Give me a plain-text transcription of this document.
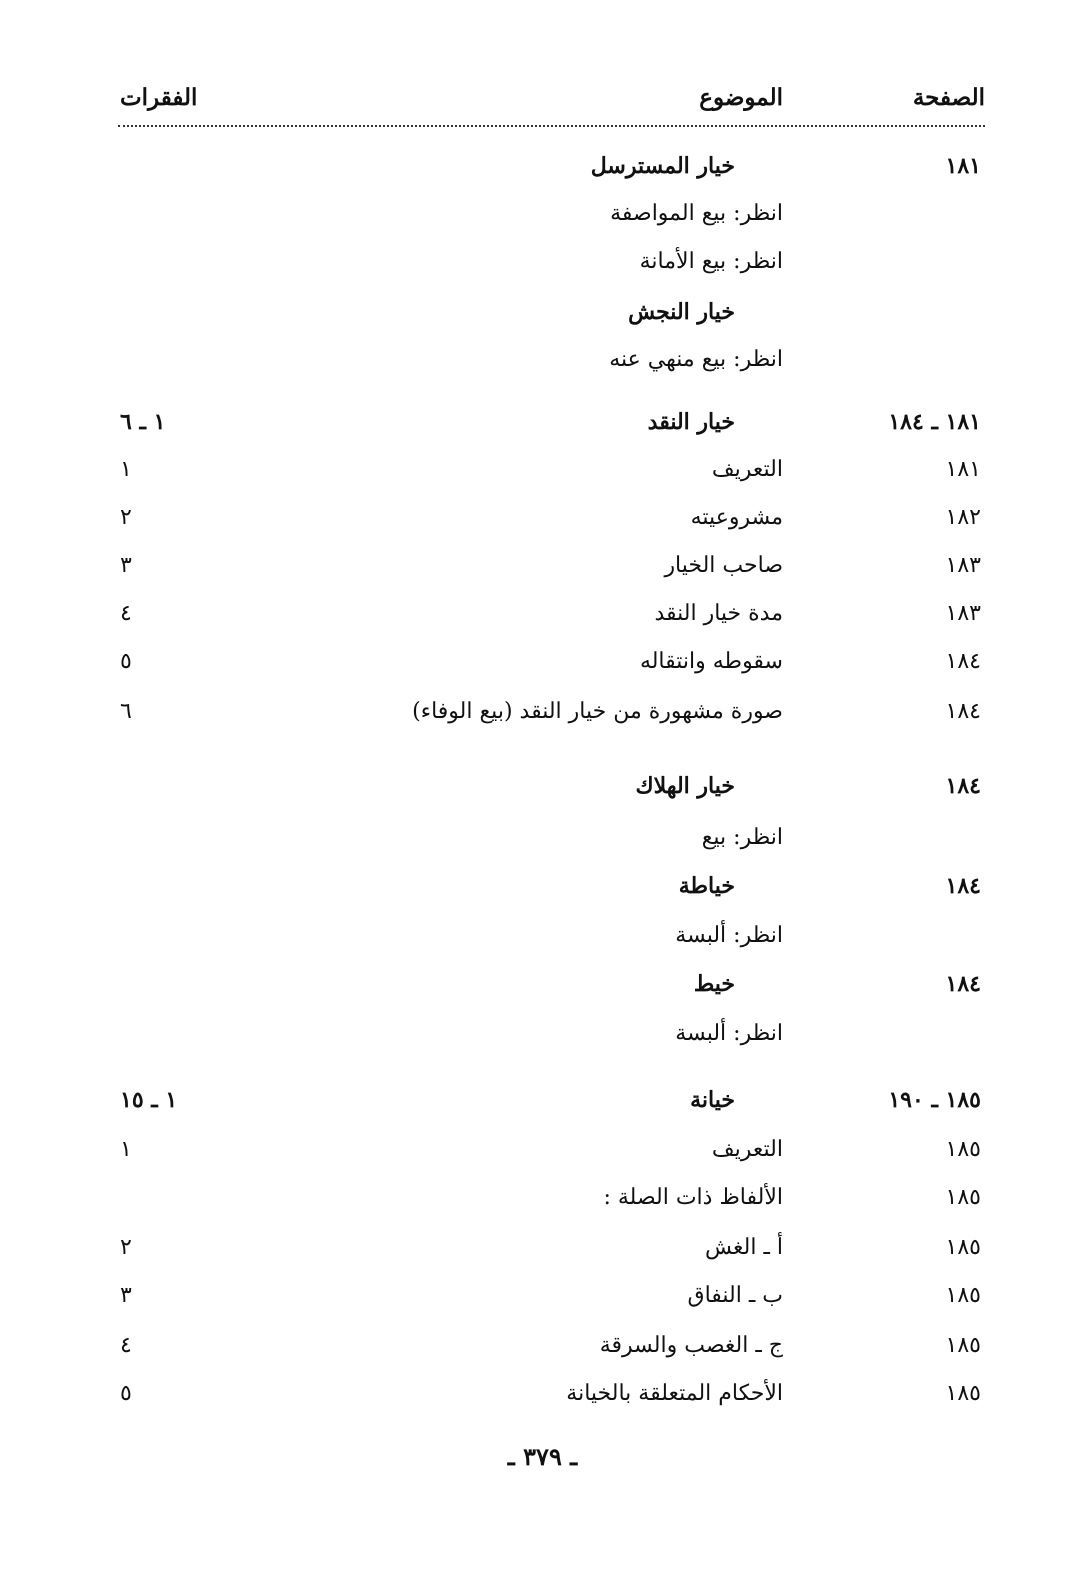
الصفحة
الموضوع
الفقرات
١٨١
خيار المسترسل
انظر: بيع المواصفة
انظر: بيع الأمانة
خيار النجش
انظر: بيع منهي عنه
١٨١ ـ ١٨٤
خيار النقد
١ ـ ٦
١٨١
التعريف
١
١٨٢
مشروعيته
٢
١٨٣
صاحب الخيار
٣
١٨٣
مدة خيار النقد
٤
١٨٤
سقوطه وانتقاله
٥
١٨٤
صورة مشهورة من خيار النقد (بيع الوفاء)
٦
١٨٤
خيار الهلاك
انظر: بيع
١٨٤
خياطة
انظر: ألبسة
١٨٤
خيط
انظر: ألبسة
١٨٥ ـ ١٩٠
خيانة
١ ـ ١٥
١٨٥
التعريف
١
١٨٥
الألفاظ ذات الصلة :
١٨٥
أ ـ الغش
٢
١٨٥
ب ـ النفاق
٣
١٨٥
ج ـ الغصب والسرقة
٤
١٨٥
الأحكام المتعلقة بالخيانة
٥
ـ ٣٧٩ ـ
